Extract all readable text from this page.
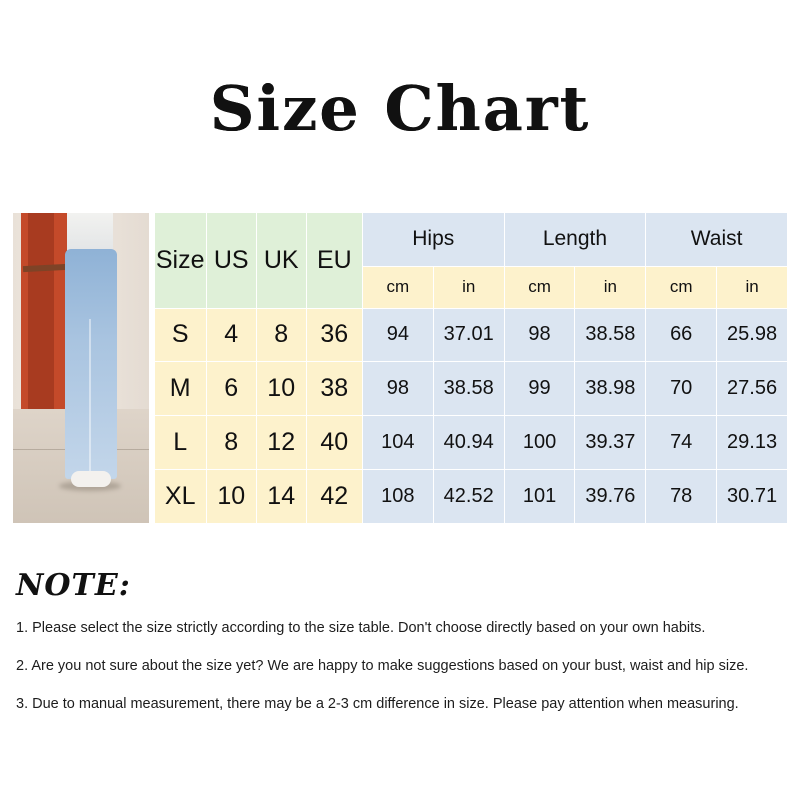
Size Chart
	Size	US	UK	EU	Hips		Length		Waist	
					cm	in	cm	in	cm	in
	S	4	8	36	94	37.01	98	38.58	66	25.98
	M	6	10	38	98	38.58	99	38.98	70	27.56
	L	8	12	40	104	40.94	100	39.37	74	29.13
	XL	10	14	42	108	42.52	101	39.76	78	30.71
NOTE:

1. Please select the size strictly according to the size table. Don't choose directly based on your own habits.

2. Are you not sure about the size yet? We are happy to make suggestions based on your bust, waist and hip size.

3. Due to manual measurement, there may be a 2-3 cm difference in size. Please pay attention when measuring.
